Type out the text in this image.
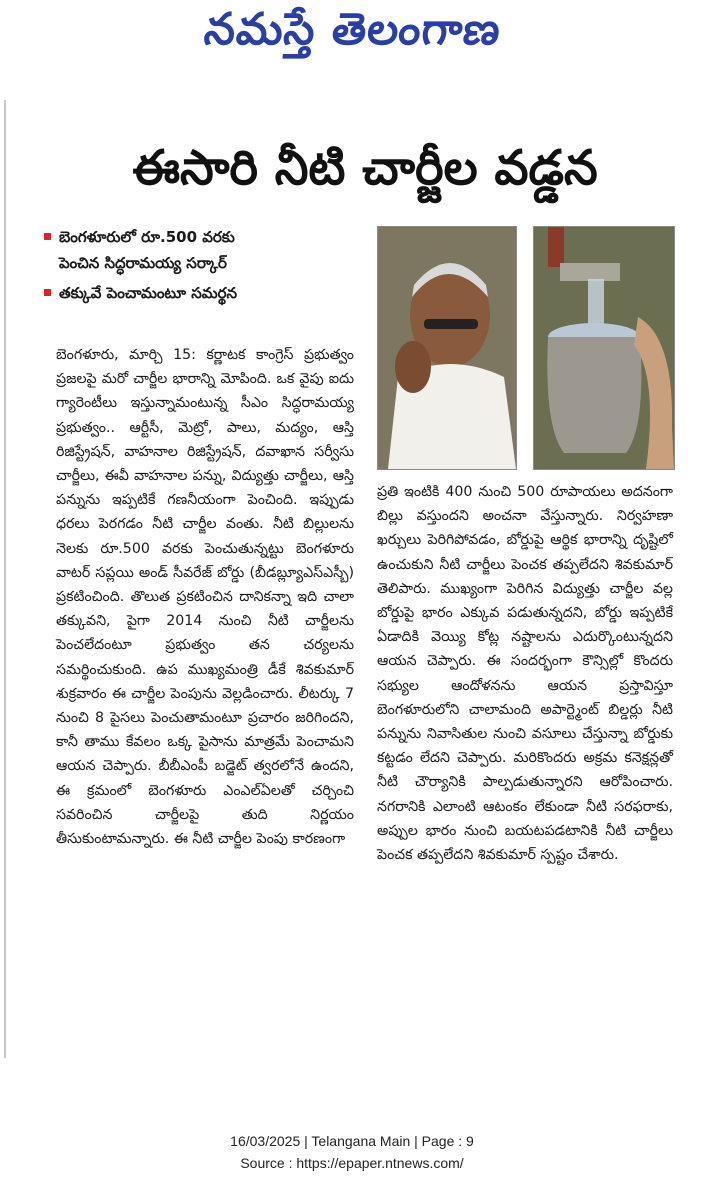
నమస్తే తెలంగాణ
ఈసారి నీటి చార్జీల వడ్డన
బెంగళూరులో రూ.500 వరకు
పెంచిన సిద్ధరామయ్య సర్కార్
తక్కువే పెంచామంటూ సమర్థన

బెంగళూరు, మార్చి 15: కర్ణాటక కాంగ్రెస్ ప్రభుత్వం ప్రజలపై మరో చార్జీల భారాన్ని మోపింది. ఒక వైపు ఐదు గ్యారెంటీలు ఇస్తున్నామంటున్న సీఎం సిద్ధరామయ్య ప్రభుత్వం.. ఆర్టీసీ, మెట్రో, పాలు, మద్యం, ఆస్తి రిజిస్ట్రేషన్, వాహనాల రిజిస్ట్రేషన్, దవాఖాన సర్వీసు చార్జీలు, ఈవీ వాహనాల పన్ను, విద్యుత్తు చార్జీలు, ఆస్తి పన్నును ఇప్పటికే గణనీయంగా పెంచింది. ఇప్పుడు ధరలు పెరగడం నీటి చార్జీల వంతు. నీటి బిల్లులను నెలకు రూ.500 వరకు పెంచుతున్నట్టు బెంగళూరు వాటర్ సప్లయి అండ్ సీవరేజ్ బోర్డు (బీడబ్ల్యూఎస్ఎస్బీ) ప్రకటించింది. తొలుత ప్రకటించిన దానికన్నా ఇది చాలా తక్కువని, పైగా 2014 నుంచి నీటి చార్జీలను పెంచలేదంటూ ప్రభుత్వం తన చర్యలను సమర్థించుకుంది. ఉప ముఖ్యమంత్రి డీకే శివకుమార్ శుక్రవారం ఈ చార్జీల పెంపును వెల్లడించారు. లీటర్కు 7 నుంచి 8 పైసలు పెంచుతామంటూ ప్రచారం జరిగిందని, కానీ తాము కేవలం ఒక్క పైసాను మాత్రమే పెంచామని ఆయన చెప్పారు. బీబీఎంపీ బడ్జెట్ త్వరలోనే ఉందని, ఈ క్రమంలో బెంగళూరు ఎంఎల్ఏలతో చర్చించి సవరించిన చార్జీలపై తుది నిర్ణయం తీసుకుంటామన్నారు. ఈ నీటి చార్జీల పెంపు కారణంగా

ప్రతి ఇంటికి 400 నుంచి 500 రూపాయలు అదనంగా బిల్లు వస్తుందని అంచనా వేస్తున్నారు. నిర్వహణా ఖర్చులు పెరిగిపోవడం, బోర్డుపై ఆర్థిక భారాన్ని దృష్టిలో ఉంచుకుని నీటి చార్జీలు పెంచక తప్పలేదని శివకుమార్ తెలిపారు. ముఖ్యంగా పెరిగిన విద్యుత్తు చార్జీల వల్ల బోర్డుపై భారం ఎక్కువ పడుతున్నదని, బోర్డు ఇప్పటికే ఏడాదికి వెయ్యి కోట్ల నష్టాలను ఎదుర్కొంటున్నదని ఆయన చెప్పారు. ఈ సందర్భంగా కౌన్సిల్లో కొందరు సభ్యుల ఆందోళనను ఆయన ప్రస్తావిస్తూ బెంగళూరులోని చాలామంది అపార్ట్మెంట్ బిల్డర్లు నీటి పన్నును నివాసితుల నుంచి వసూలు చేస్తున్నా బోర్డుకు కట్టడం లేదని చెప్పారు. మరికొందరు అక్రమ కనెక్షన్లతో నీటి చౌర్యానికి పాల్పడుతున్నారని ఆరోపించారు. నగరానికి ఎలాంటి ఆటంకం లేకుండా నీటి సరఫరాకు, అప్పుల భారం నుంచి బయటపడటానికి నీటి చార్జీలు పెంచక తప్పలేదని శివకుమార్ స్పష్టం చేశారు.

16/03/2025 | Telangana Main | Page : 9
Source : https://epaper.ntnews.com/
